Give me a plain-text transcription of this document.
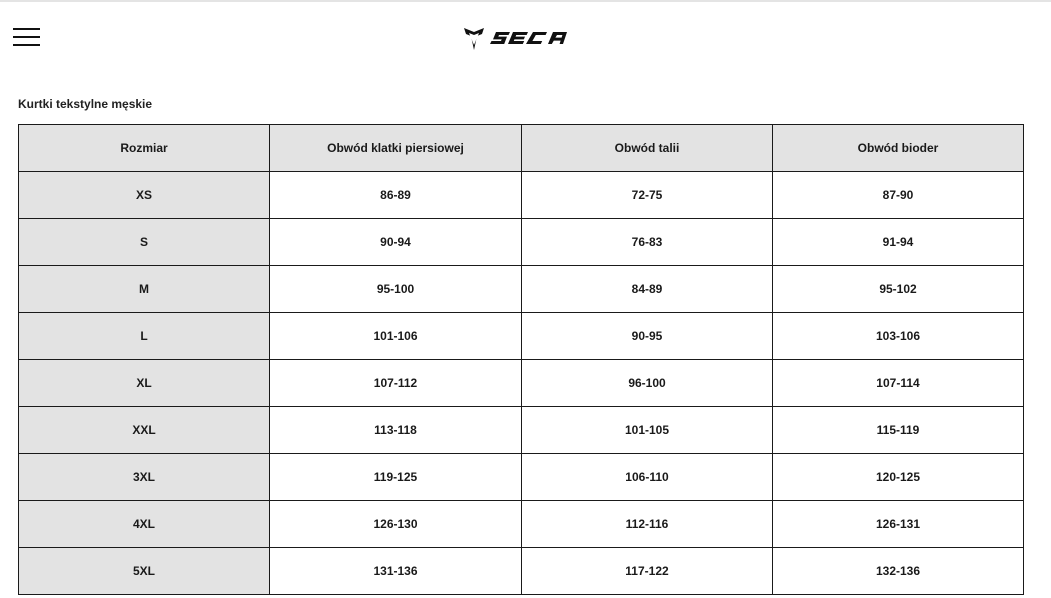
Kurtki tekstylne męskie
Rozmiar	Obwód klatki piersiowej	Obwód talii	Obwód bioder
XS	86-89	72-75	87-90
S	90-94	76-83	91-94
M	95-100	84-89	95-102
L	101-106	90-95	103-106
XL	107-112	96-100	107-114
XXL	113-118	101-105	115-119
3XL	119-125	106-110	120-125
4XL	126-130	112-116	126-131
5XL	131-136	117-122	132-136
